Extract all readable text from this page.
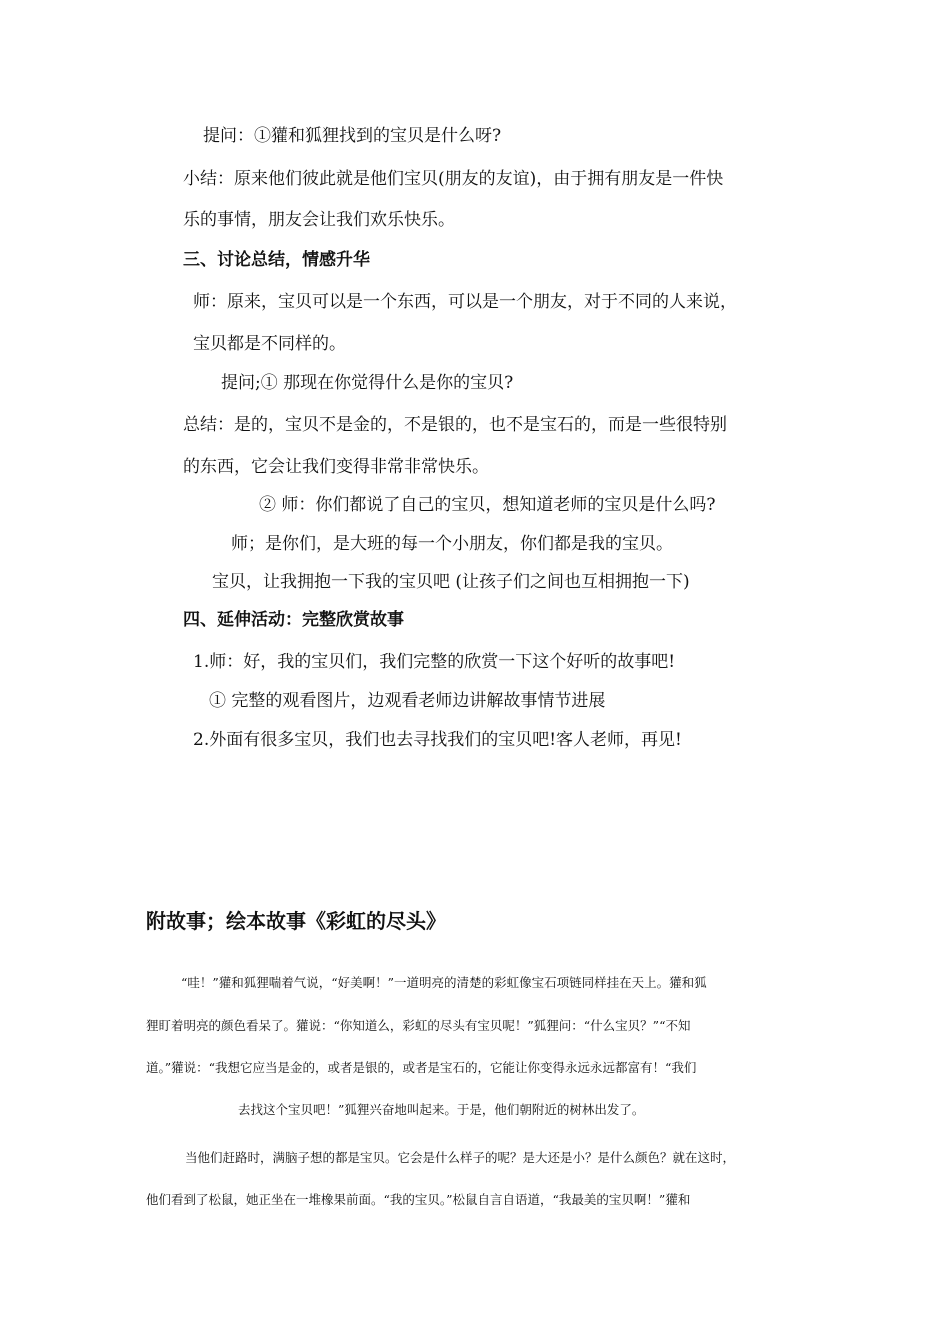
提问：①獾和狐狸找到的宝贝是什么呀?
小结：原来他们彼此就是他们宝贝(朋友的友谊)，由于拥有朋友是一件快
乐的事情，朋友会让我们欢乐快乐。
三、讨论总结，情感升华
师：原来，宝贝可以是一个东西，可以是一个朋友，对于不同的人来说，
宝贝都是不同样的。
提问;① 那现在你觉得什么是你的宝贝?
总结：是的，宝贝不是金的，不是银的，也不是宝石的，而是一些很特别
的东西，它会让我们变得非常非常快乐。
② 师：你们都说了自己的宝贝，想知道老师的宝贝是什么吗?
师；是你们，是大班的每一个小朋友，你们都是我的宝贝。
宝贝，让我拥抱一下我的宝贝吧 (让孩子们之间也互相拥抱一下)
四、延伸活动：完整欣赏故事
1.师：好，我的宝贝们，我们完整的欣赏一下这个好听的故事吧!
① 完整的观看图片，边观看老师边讲解故事情节进展
2.外面有很多宝贝，我们也去寻找我们的宝贝吧!客人老师，再见!
附故事；绘本故事《彩虹的尽头》
“哇！”獾和狐狸喘着气说，“好美啊！”一道明亮的清楚的彩虹像宝石项链同样挂在天上。獾和狐
狸盯着明亮的颜色看呆了。獾说：“你知道么，彩虹的尽头有宝贝呢！”狐狸问：“什么宝贝？”“不知
道。”獾说：“我想它应当是金的，或者是银的，或者是宝石的，它能让你变得永远永远都富有！“我们
去找这个宝贝吧！”狐狸兴奋地叫起来。于是，他们朝附近的树林出发了。
当他们赶路时，满脑子想的都是宝贝。它会是什么样子的呢？是大还是小？是什么颜色？就在这时，
他们看到了松鼠，她正坐在一堆橡果前面。“我的宝贝。”松鼠自言自语道，“我最美的宝贝啊！”獾和
